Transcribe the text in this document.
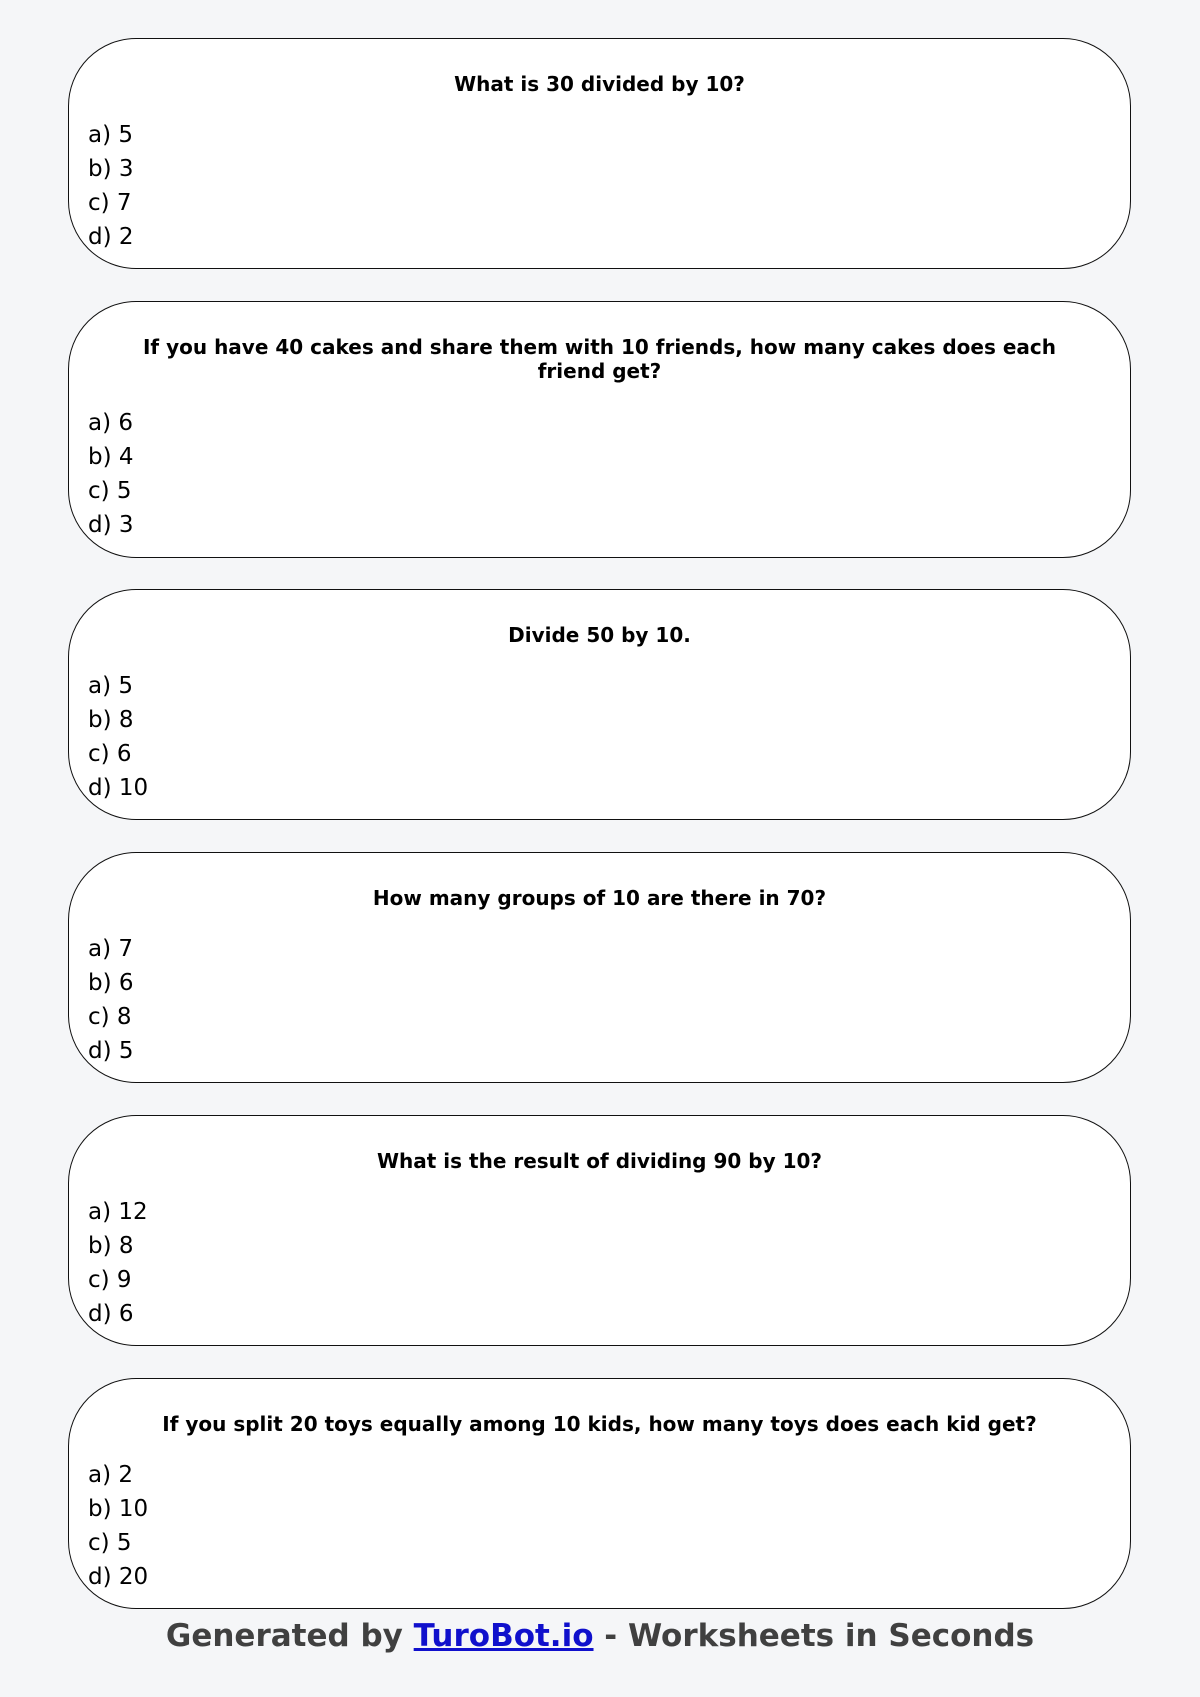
What is 30 divided by 10?
a) 5
b) 3
c) 7
d) 2
If you have 40 cakes and share them with 10 friends, how many cakes does each friend get?
a) 6
b) 4
c) 5
d) 3
Divide 50 by 10.
a) 5
b) 8
c) 6
d) 10
How many groups of 10 are there in 70?
a) 7
b) 6
c) 8
d) 5
What is the result of dividing 90 by 10?
a) 12
b) 8
c) 9
d) 6
If you split 20 toys equally among 10 kids, how many toys does each kid get?
a) 2
b) 10
c) 5
d) 20
Generated by TuroBot.io - Worksheets in Seconds
